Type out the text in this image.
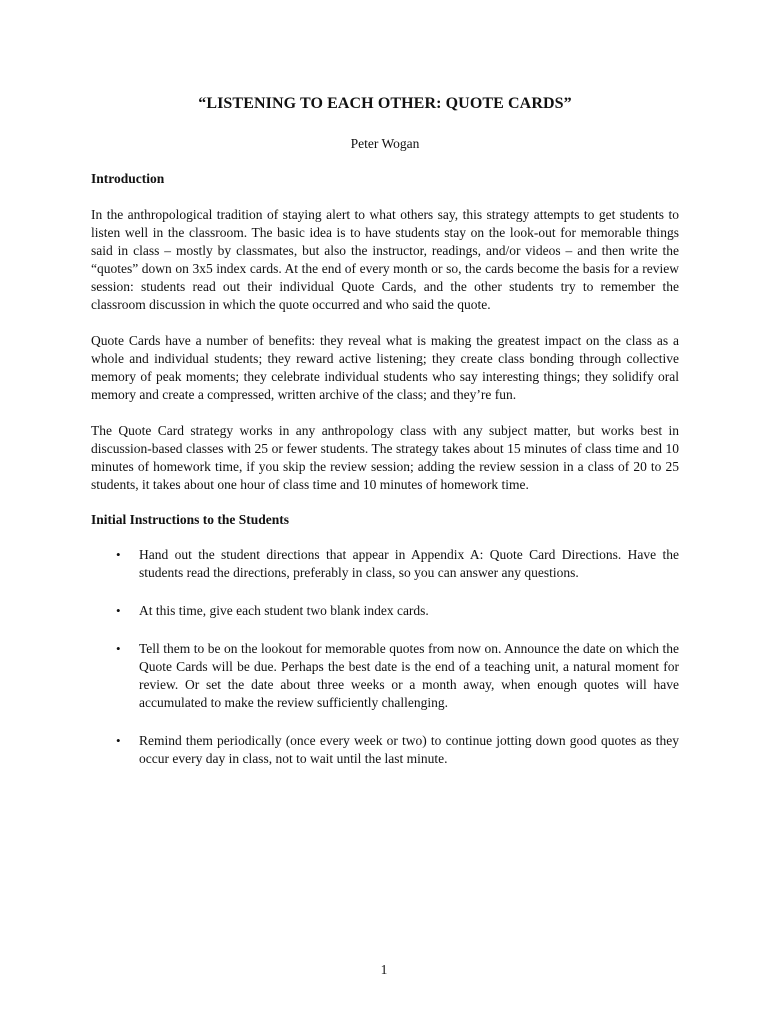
“LISTENING TO EACH OTHER: QUOTE CARDS”

Peter Wogan

Introduction

In the anthropological tradition of staying alert to what others say, this strategy attempts to get students to listen well in the classroom. The basic idea is to have students stay on the look-out for memorable things said in class – mostly by classmates, but also the instructor, readings, and/or videos – and then write the “quotes” down on 3x5 index cards. At the end of every month or so, the cards become the basis for a review session: students read out their individual Quote Cards, and the other students try to remember the classroom discussion in which the quote occurred and who said the quote.

Quote Cards have a number of benefits: they reveal what is making the greatest impact on the class as a whole and individual students; they reward active listening; they create class bonding through collective memory of peak moments; they celebrate individual students who say interesting things; they solidify oral memory and create a compressed, written archive of the class; and they’re fun.

The Quote Card strategy works in any anthropology class with any subject matter, but works best in discussion-based classes with 25 or fewer students. The strategy takes about 15 minutes of class time and 10 minutes of homework time, if you skip the review session; adding the review session in a class of 20 to 25 students, it takes about one hour of class time and 10 minutes of homework time.

Initial Instructions to the Students
• Hand out the student directions that appear in Appendix A: Quote Card Directions. Have the students read the directions, preferably in class, so you can answer any questions.
• At this time, give each student two blank index cards.
• Tell them to be on the lookout for memorable quotes from now on. Announce the date on which the Quote Cards will be due. Perhaps the best date is the end of a teaching unit, a natural moment for review. Or set the date about three weeks or a month away, when enough quotes will have accumulated to make the review sufficiently challenging.
• Remind them periodically (once every week or two) to continue jotting down good quotes as they occur every day in class, not to wait until the last minute.
1
